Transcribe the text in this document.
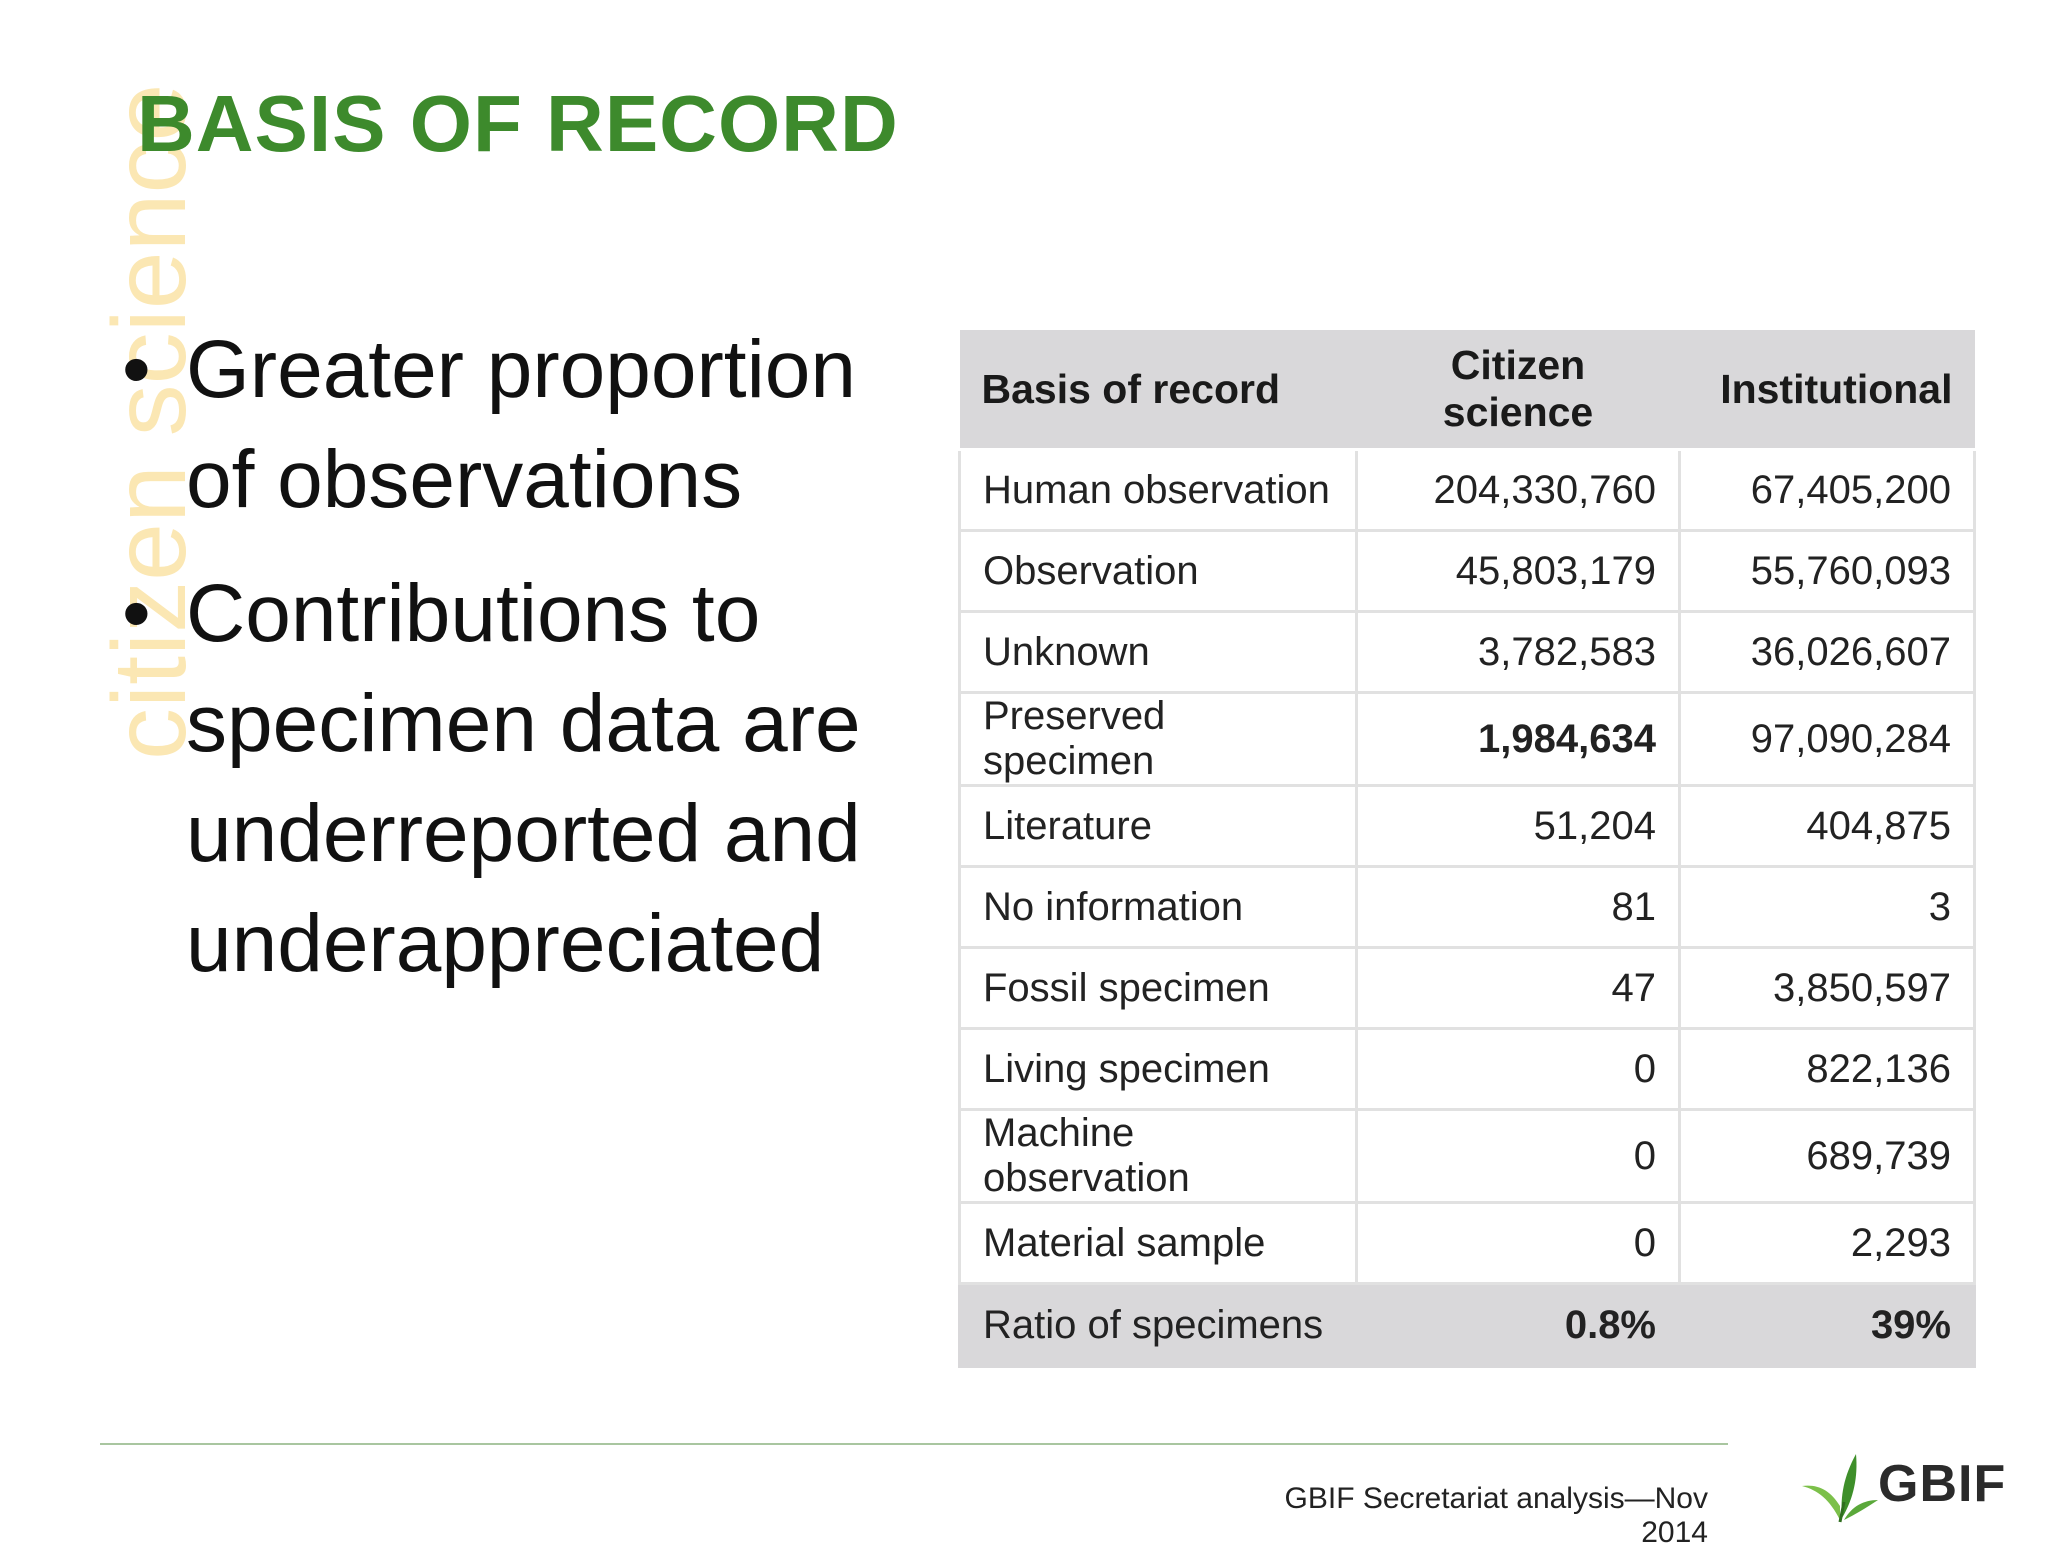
citizen science
BASIS OF RECORD
• Greater proportion of observations
• Contributions to specimen data are underreported and underappreciated
Basis of record	Citizen science	Institutional
Human observation	204,330,760	67,405,200
Observation	45,803,179	55,760,093
Unknown	3,782,583	36,026,607
Preserved specimen	1,984,634	97,090,284
Literature	51,204	404,875
No information	81	3
Fossil specimen	47	3,850,597
Living specimen	0	822,136
Machine observation	0	689,739
Material sample	0	2,293
Ratio of specimens	0.8%	39%
GBIF Secretariat analysis—Nov 2014
GBIF
